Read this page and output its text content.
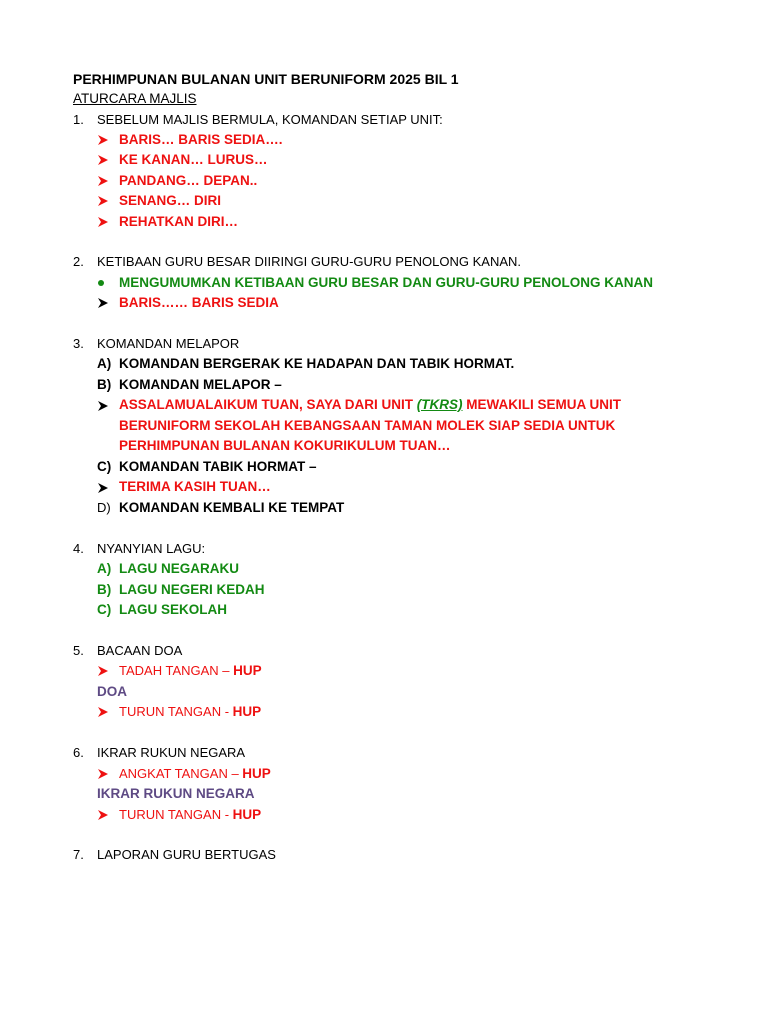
PERHIMPUNAN BULANAN UNIT BERUNIFORM 2025 BIL 1
ATURCARA MAJLIS
1. SEBELUM MAJLIS BERMULA, KOMANDAN SETIAP UNIT:
BARIS… BARIS SEDIA….
KE KANAN… LURUS…
PANDANG… DEPAN..
SENANG… DIRI
REHATKAN DIRI…
2. KETIBAAN GURU BESAR DIIRINGI GURU-GURU PENOLONG KANAN.
MENGUMUMKAN KETIBAAN GURU BESAR DAN GURU-GURU PENOLONG KANAN
BARIS…… BARIS SEDIA
3. KOMANDAN MELAPOR
A) KOMANDAN BERGERAK KE HADAPAN DAN TABIK HORMAT.
B) KOMANDAN MELAPOR –
ASSALAMUALAIKUM TUAN, SAYA DARI UNIT (TKRS) MEWAKILI SEMUA UNIT
BERUNIFORM SEKOLAH KEBANGSAAN TAMAN MOLEK SIAP SEDIA UNTUK
PERHIMPUNAN BULANAN KOKURIKULUM TUAN…
C) KOMANDAN TABIK HORMAT –
TERIMA KASIH TUAN…
D) KOMANDAN KEMBALI KE TEMPAT
4. NYANYIAN LAGU:
A) LAGU NEGARAKU
B) LAGU NEGERI KEDAH
C) LAGU SEKOLAH
5. BACAAN DOA
TADAH TANGAN – HUP
DOA
TURUN TANGAN - HUP
6. IKRAR RUKUN NEGARA
ANGKAT TANGAN – HUP
IKRAR RUKUN NEGARA
TURUN TANGAN - HUP
7. LAPORAN GURU BERTUGAS
